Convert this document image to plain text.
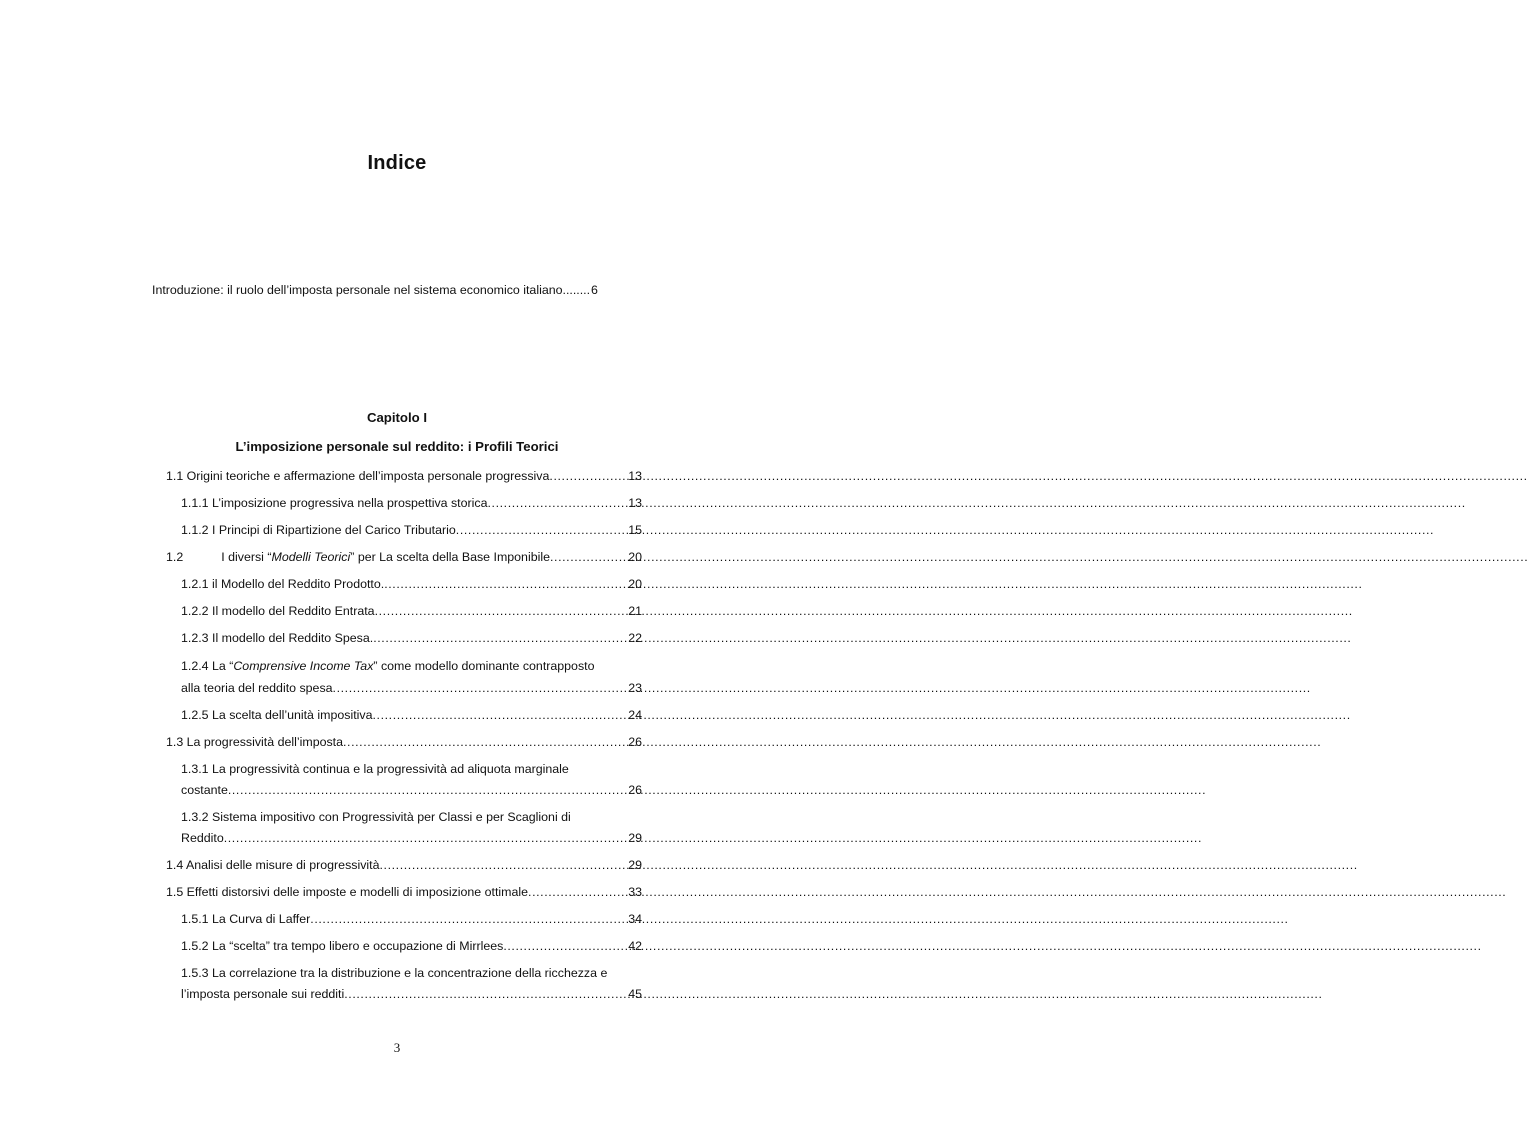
Indice
Introduzione: il ruolo dell’imposta personale nel sistema economico italiano ........ 6
Capitolo I
L’imposizione personale sul reddito: i Profili Teorici
1.1 Origini teoriche e affermazione dell’imposta personale progressiva .....	13
1.1.1 L’imposizione progressiva nella prospettiva storica .....	13
1.1.2 I Principi di Ripartizione del Carico Tributario .....	15
1.2	I diversi “Modelli Teorici” per La scelta della Base Imponibile .....	20
1.2.1 il Modello del Reddito Prodotto. .....	20
1.2.2 Il modello del Reddito Entrata .....	21
1.2.3 Il modello del Reddito Spesa. .....	22
1.2.4 La “Comprensive Income Tax” come modello dominante contrapposto
alla teoria del reddito spesa .....	23
1.2.5 La scelta dell’unità impositiva .....	24
1.3 La progressività dell’imposta .....	26
1.3.1 La progressività continua e la progressività ad aliquota marginale
costante .....	26
1.3.2 Sistema impositivo con Progressività per Classi e per Scaglioni di
Reddito .....	29
1.4 Analisi delle misure di progressività .....	29
1.5 Effetti distorsivi delle imposte e modelli di imposizione ottimale .....	33
1.5.1 La Curva di Laffer .....	34
1.5.2 La “scelta” tra tempo libero e occupazione di Mirrlees .....	42
1.5.3 La correlazione tra la distribuzione e la concentrazione della ricchezza e
l’imposta personale sui redditi .....	45
3
